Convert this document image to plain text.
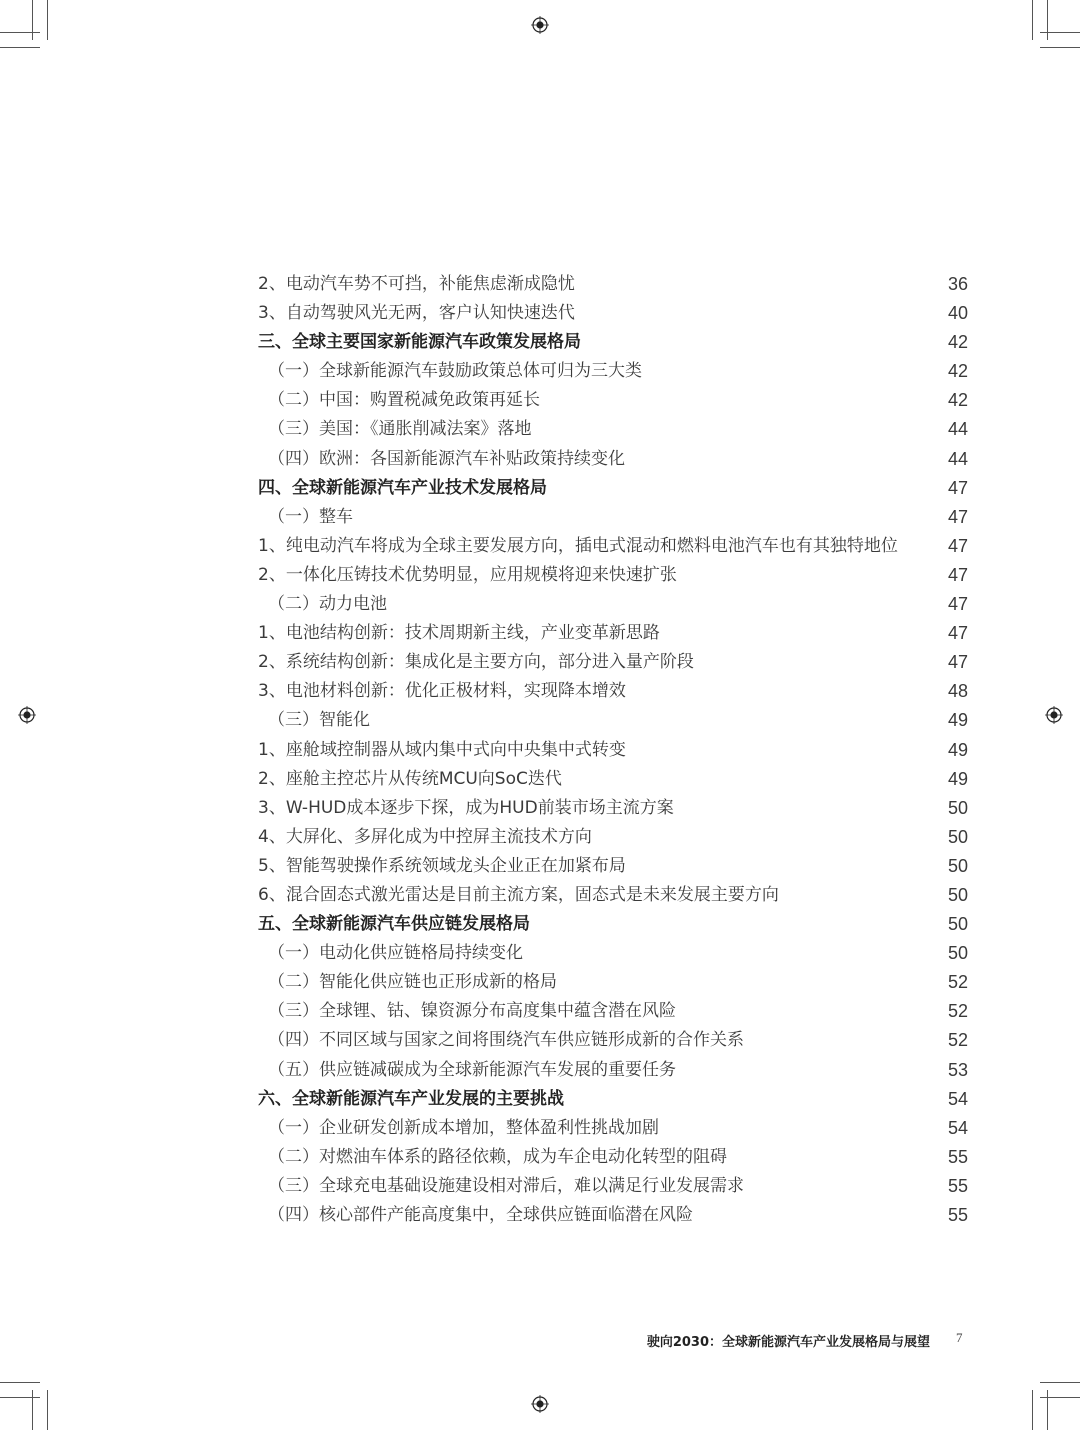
2、电动汽车势不可挡，补能焦虑渐成隐忧	36
3、自动驾驶风光无两，客户认知快速迭代	40
三、全球主要国家新能源汽车政策发展格局	42
（一）全球新能源汽车鼓励政策总体可归为三大类	42
（二）中国：购置税减免政策再延长	42
（三）美国：《通胀削减法案》落地	44
（四）欧洲：各国新能源汽车补贴政策持续变化	44
四、全球新能源汽车产业技术发展格局	47
（一）整车	47
1、纯电动汽车将成为全球主要发展方向，插电式混动和燃料电池汽车也有其独特地位	47
2、一体化压铸技术优势明显，应用规模将迎来快速扩张	47
（二）动力电池	47
1、电池结构创新：技术周期新主线，产业变革新思路	47
2、系统结构创新：集成化是主要方向，部分进入量产阶段	47
3、电池材料创新：优化正极材料，实现降本增效	48
（三）智能化	49
1、座舱域控制器从域内集中式向中央集中式转变	49
2、座舱主控芯片从传统MCU向SoC迭代	49
3、W-HUD成本逐步下探，成为HUD前装市场主流方案	50
4、大屏化、多屏化成为中控屏主流技术方向	50
5、智能驾驶操作系统领域龙头企业正在加紧布局	50
6、混合固态式激光雷达是目前主流方案，固态式是未来发展主要方向	50
五、全球新能源汽车供应链发展格局	50
（一）电动化供应链格局持续变化	50
（二）智能化供应链也正形成新的格局	52
（三）全球锂、钴、镍资源分布高度集中蕴含潜在风险	52
（四）不同区域与国家之间将围绕汽车供应链形成新的合作关系	52
（五）供应链减碳成为全球新能源汽车发展的重要任务	53
六、全球新能源汽车产业发展的主要挑战	54
（一）企业研发创新成本增加，整体盈利性挑战加剧	54
（二）对燃油车体系的路径依赖，成为车企电动化转型的阻碍	55
（三）全球充电基础设施建设相对滞后，难以满足行业发展需求	55
（四）核心部件产能高度集中，全球供应链面临潜在风险	55
驶向2030：全球新能源汽车产业发展格局与展望 7
